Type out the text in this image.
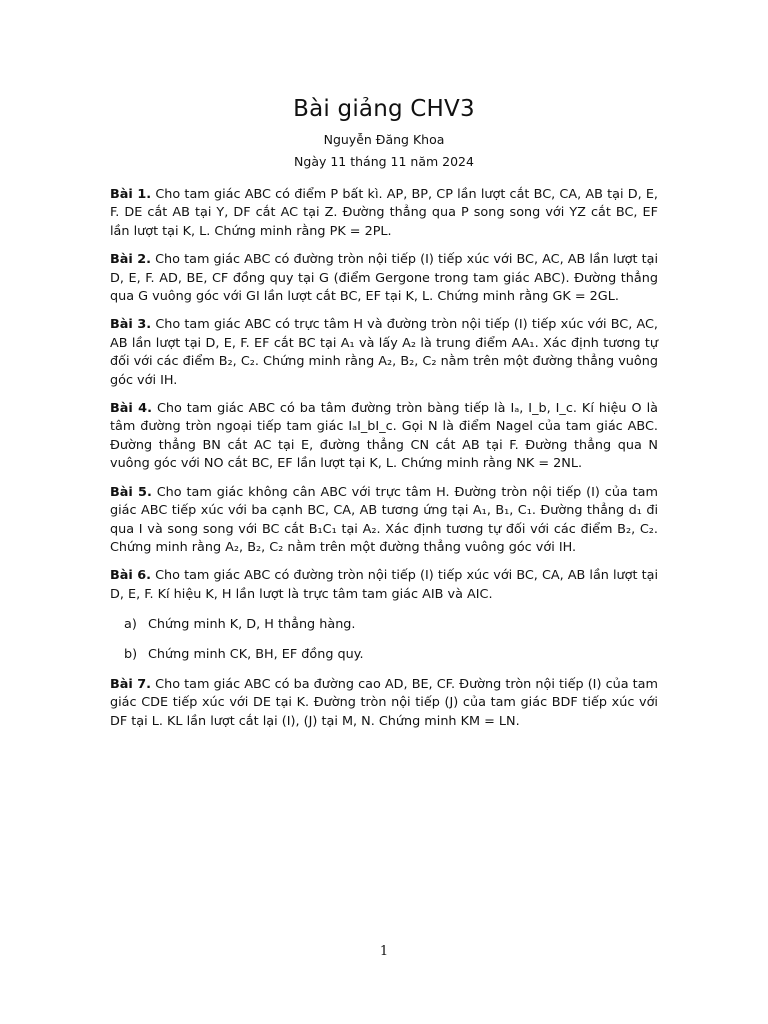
Bài giảng CHV3
Nguyễn Đăng Khoa
Ngày 11 tháng 11 năm 2024

Bài 1. Cho tam giác ABC có điểm P bất kì. AP, BP, CP lần lượt cắt BC, CA, AB tại D, E, F. DE cắt AB tại Y, DF cắt AC tại Z. Đường thẳng qua P song song với YZ cắt BC, EF lần lượt tại K, L. Chứng minh rằng PK = 2PL.

Bài 2. Cho tam giác ABC có đường tròn nội tiếp (I) tiếp xúc với BC, AC, AB lần lượt tại D, E, F. AD, BE, CF đồng quy tại G (điểm Gergone trong tam giác ABC). Đường thẳng qua G vuông góc với GI lần lượt cắt BC, EF tại K, L. Chứng minh rằng GK = 2GL.

Bài 3. Cho tam giác ABC có trực tâm H và đường tròn nội tiếp (I) tiếp xúc với BC, AC, AB lần lượt tại D, E, F. EF cắt BC tại A₁ và lấy A₂ là trung điểm AA₁. Xác định tương tự đối với các điểm B₂, C₂. Chứng minh rằng A₂, B₂, C₂ nằm trên một đường thẳng vuông góc với IH.

Bài 4. Cho tam giác ABC có ba tâm đường tròn bàng tiếp là Iₐ, I_b, I_c. Kí hiệu O là tâm đường tròn ngoại tiếp tam giác IₐI_bI_c. Gọi N là điểm Nagel của tam giác ABC. Đường thẳng BN cắt AC tại E, đường thẳng CN cắt AB tại F. Đường thẳng qua N vuông góc với NO cắt BC, EF lần lượt tại K, L. Chứng minh rằng NK = 2NL.

Bài 5. Cho tam giác không cân ABC với trực tâm H. Đường tròn nội tiếp (I) của tam giác ABC tiếp xúc với ba cạnh BC, CA, AB tương ứng tại A₁, B₁, C₁. Đường thẳng d₁ đi qua I và song song với BC cắt B₁C₁ tại A₂. Xác định tương tự đối với các điểm B₂, C₂. Chứng minh rằng A₂, B₂, C₂ nằm trên một đường thẳng vuông góc với IH.

Bài 6. Cho tam giác ABC có đường tròn nội tiếp (I) tiếp xúc với BC, CA, AB lần lượt tại D, E, F. Kí hiệu K, H lần lượt là trực tâm tam giác AIB và AIC.
a) Chứng minh K, D, H thẳng hàng.
b) Chứng minh CK, BH, EF đồng quy.

Bài 7. Cho tam giác ABC có ba đường cao AD, BE, CF. Đường tròn nội tiếp (I) của tam giác CDE tiếp xúc với DE tại K. Đường tròn nội tiếp (J) của tam giác BDF tiếp xúc với DF tại L. KL lần lượt cắt lại (I), (J) tại M, N. Chứng minh KM = LN.

1
